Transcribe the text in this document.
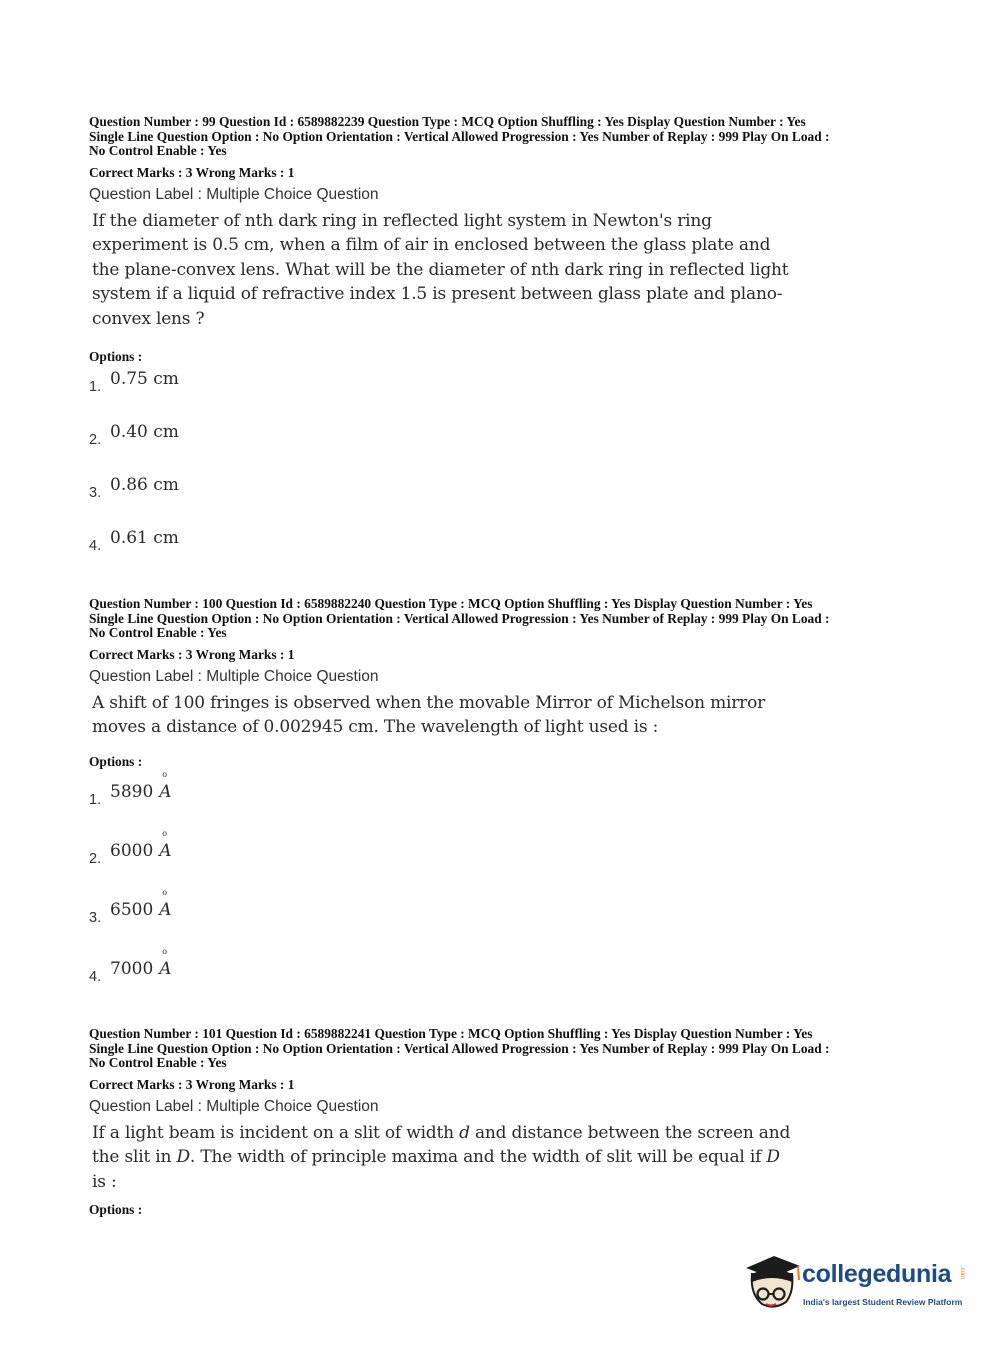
Question Number : 99 Question Id : 6589882239 Question Type : MCQ Option Shuffling : Yes Display Question Number : Yes

Single Line Question Option : No Option Orientation : Vertical Allowed Progression : Yes Number of Replay : 999 Play On Load :

No Control Enable : Yes

Correct Marks : 3 Wrong Marks : 1

Question Label : Multiple Choice Question

If the diameter of nth dark ring in reflected light system in Newton's ring experiment is 0.5 cm, when a film of air in enclosed between the glass plate and the plane-convex lens. What will be the diameter of nth dark ring in reflected light system if a liquid of refractive index 1.5 is present between glass plate and plano-convex lens ?

Options :

1. 0.75 cm
2. 0.40 cm
3. 0.86 cm
4. 0.61 cm

Question Number : 100 Question Id : 6589882240 Question Type : MCQ Option Shuffling : Yes Display Question Number : Yes

Single Line Question Option : No Option Orientation : Vertical Allowed Progression : Yes Number of Replay : 999 Play On Load :

No Control Enable : Yes

Correct Marks : 3 Wrong Marks : 1

Question Label : Multiple Choice Question

A shift of 100 fringes is observed when the movable Mirror of Michelson mirror moves a distance of 0.002945 cm. The wavelength of light used is :

Options :

1. 5890 o A
2. 6000 o A
3. 6500 o A
4. 7000 o A

Question Number : 101 Question Id : 6589882241 Question Type : MCQ Option Shuffling : Yes Display Question Number : Yes

Single Line Question Option : No Option Orientation : Vertical Allowed Progression : Yes Number of Replay : 999 Play On Load :

No Control Enable : Yes

Correct Marks : 3 Wrong Marks : 1

Question Label : Multiple Choice Question

If a light beam is incident on a slit of width d and distance between the screen and the slit in D. The width of principle maxima and the width of slit will be equal if D is :

Options :

collegedunia .com
India's largest Student Review Platform
